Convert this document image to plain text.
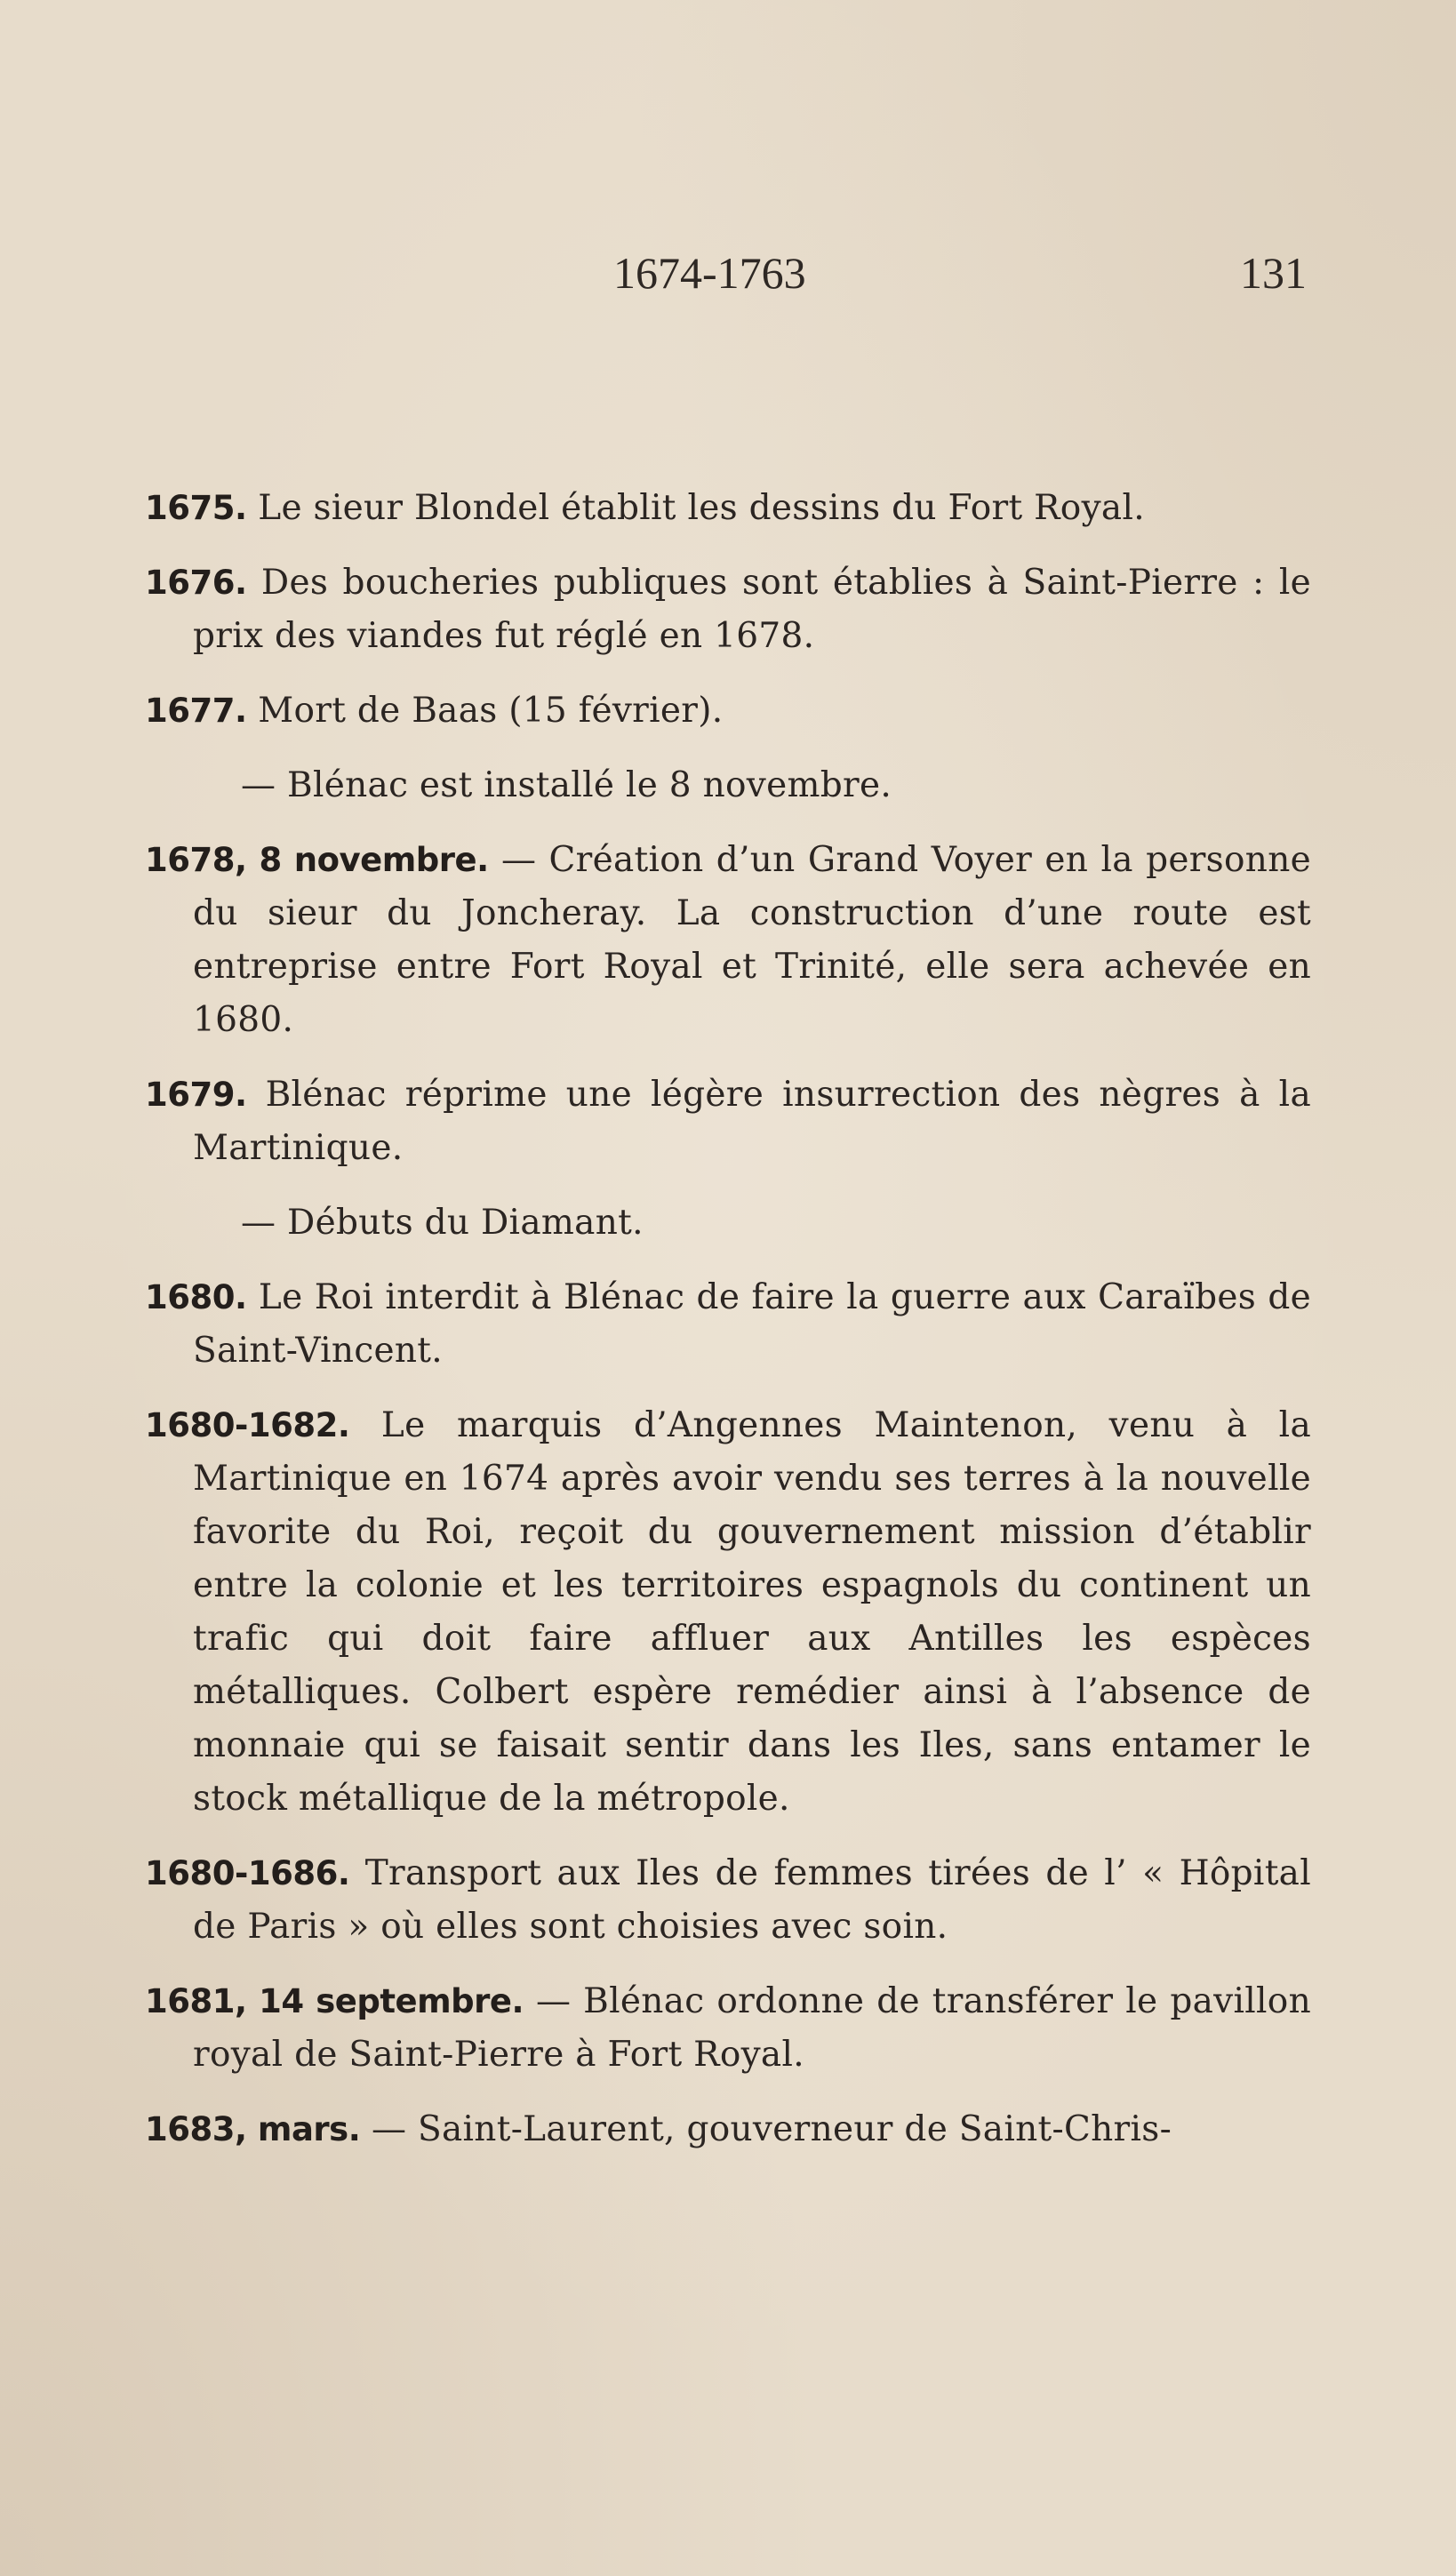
1674-1763	131

1675. Le sieur Blondel établit les dessins du Fort Royal.

1676. Des boucheries publiques sont établies à Saint-Pierre : le prix des viandes fut réglé en 1678.

1677. Mort de Baas (15 février).

— Blénac est installé le 8 novembre.

1678, 8 novembre. — Création d’un Grand Voyer en la personne du sieur du Joncheray. La construction d’une route est entreprise entre Fort Royal et Trinité, elle sera achevée en 1680.

1679. Blénac réprime une légère insurrection des nègres à la Martinique.

— Débuts du Diamant.

1680. Le Roi interdit à Blénac de faire la guerre aux Caraïbes de Saint-Vincent.

1680-1682. Le marquis d’Angennes Maintenon, venu à la Martinique en 1674 après avoir vendu ses terres à la nouvelle favorite du Roi, reçoit du gouvernement mission d’établir entre la colonie et les territoires espagnols du continent un trafic qui doit faire affluer aux Antilles les espèces métalliques. Colbert espère remédier ainsi à l’absence de monnaie qui se faisait sentir dans les Iles, sans entamer le stock métallique de la métropole.

1680-1686. Transport aux Iles de femmes tirées de l’ « Hôpital de Paris » où elles sont choisies avec soin.

1681, 14 septembre. — Blénac ordonne de transférer le pavillon royal de Saint-Pierre à Fort Royal.

1683, mars. — Saint-Laurent, gouverneur de Saint-Chris-
